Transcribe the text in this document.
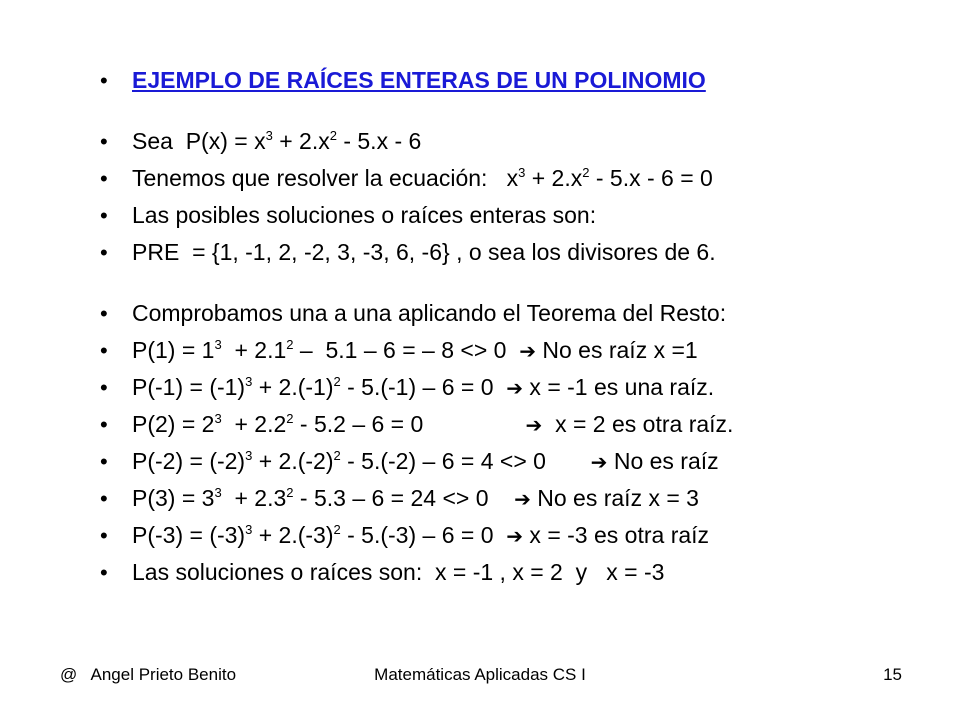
• EJEMPLO DE RAÍCES ENTERAS DE UN POLINOMIO
• Sea  $P(x) = x^3 + 2.x^2 - 5.x - 6$
• Tenemos que resolver la ecuación:   $x^3 + 2.x^2 - 5.x - 6 = 0$
• Las posibles soluciones o raíces enteras son:
• PRE  = {1, -1, 2, -2, 3, -3, 6, -6} , o sea los divisores de 6.
• Comprobamos una a una aplicando el Teorema del Resto:
• $P(1) = 1^3 + 2.1^2 - 5.1 - 6$ = – 8 <> 0  ➔ No es raíz x =1
• $P(-1) = (-1)^3 + 2.(-1)^2 - 5.(-1) - 6 = 0$  ➔ x = -1 es una raíz.
• $P(2) = 2^3 + 2.2^2 - 5.2 - 6 = 0$                ➔  x = 2 es otra raíz.
• $P(-2) = (-2)^3 + 2.(-2)^2 - 5.(-2) - 6 = 4 <> 0$       ➔ No es raíz
• $P(3) = 3^3 + 2.3^2 - 5.3 - 6 = 24 <> 0$    ➔ No es raíz x = 3
• $P(-3) = (-3)^3 + 2.(-3)^2 - 5.(-3) - 6 = 0$  ➔ x = -3 es otra raíz
• Las soluciones o raíces son:  x = -1 , x = 2  y   x = -3
@   Angel Prieto Benito	Matemáticas Aplicadas CS I	15
